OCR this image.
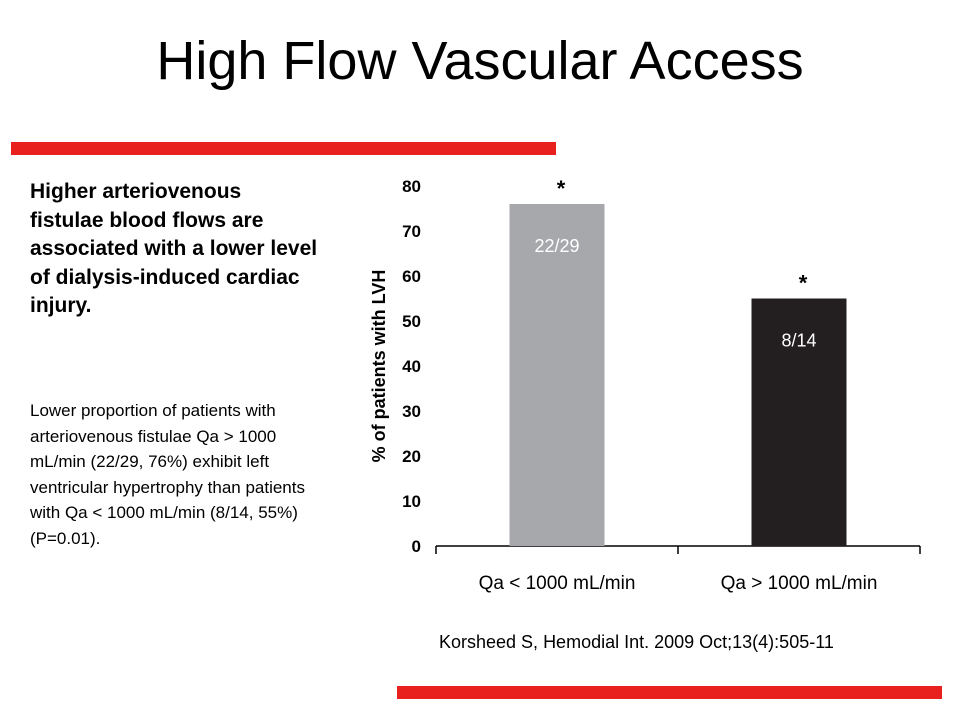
High Flow Vascular Access

Higher arteriovenous fistulae blood flows are associated with a lower level of dialysis-induced cardiac injury.

Lower proportion of patients with arteriovenous fistulae Qa > 1000 mL/min (22/29, 76%) exhibit left ventricular hypertrophy than patients with Qa < 1000 mL/min (8/14, 55%) (P=0.01).

% of patients with LVH
0
10
20
30
40
50
60
70
80
22/29
*
Qa < 1000 mL/min
8/14
*
Qa > 1000 mL/min

Korsheed S, Hemodial Int. 2009 Oct;13(4):505-11
